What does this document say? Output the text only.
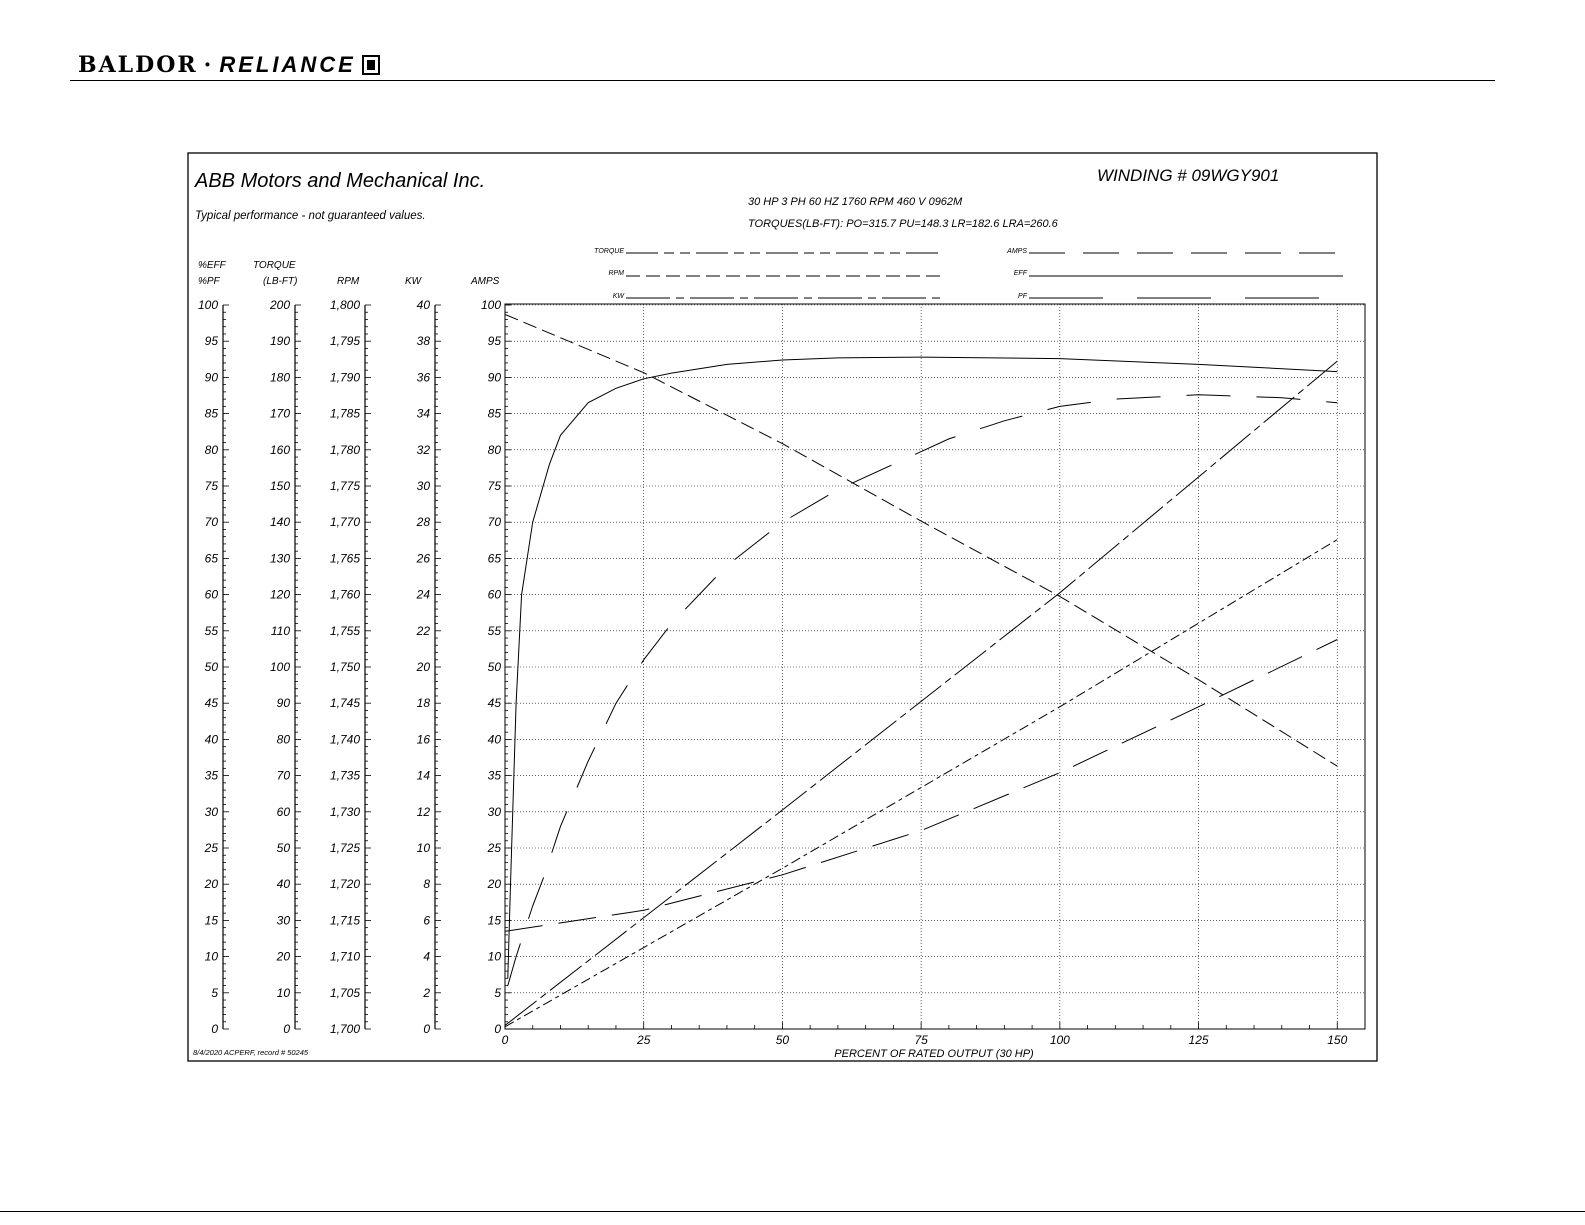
BALDOR · RELIANCE
ABB Motors and Mechanical Inc.
Typical performance - not guaranteed values.
WINDING # 09WGY901
30 HP 3 PH 60 HZ 1760 RPM 460 V 0962M
TORQUES(LB-FT): PO=315.7 PU=148.3 LR=182.6 LRA=260.6
8/4/2020 ACPERF, record # 50245
TORQUE
RPM
KW
AMPS
EFF
PF
%EFF
%PF
TORQUE
(LB-FT)	RPM	KW	AMPS
PERCENT OF RATED OUTPUT (30 HP)
100
95
90
85
80
75
70
65
60
55
50
45
40
35
30
25
20
15
10
5
0
200
190
180
170
160
150
140
130
120
110
100
90
80
70
60
50
40
30
20
10
0
1,800
1,795
1,790
1,785
1,780
1,775
1,770
1,765
1,760
1,755
1,750
1,745
1,740
1,735
1,730
1,725
1,720
1,715
1,710
1,705
1,700
40
38
36
34
32
30
28
26
24
22
20
18
16
14
12
10
8
6
4
2
0
100
95
90
85
80
75
70
65
60
55
50
45
40
35
30
25
20
15
10
5
0
0	25	50	75	100	125	150
